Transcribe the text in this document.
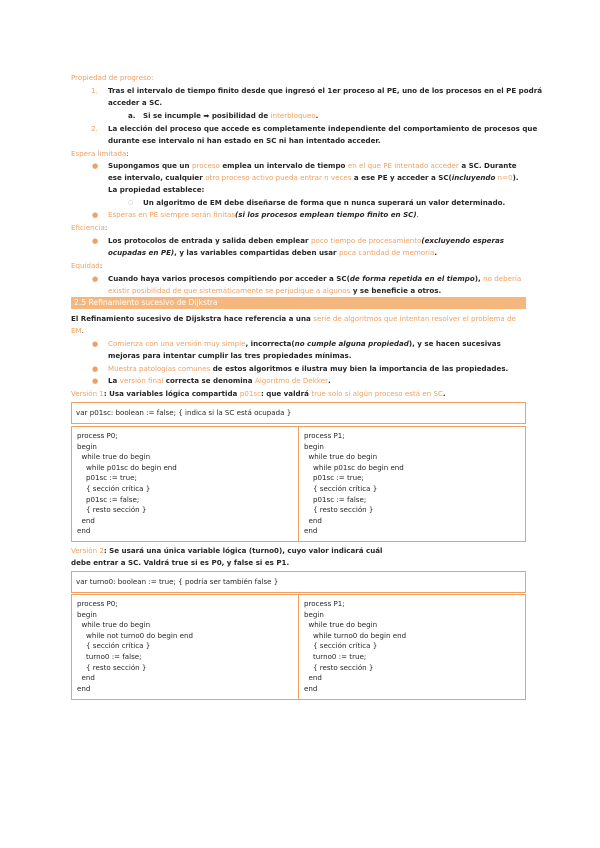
Propiedad de progreso:
1. Tras el intervalo de tiempo finito desde que ingresó el 1er proceso al PE, uno de los procesos en el PE podrá
acceder a SC.
a. Si se incumple ➡ posibilidad de interbloqueo.
2. La elección del proceso que accede es completamente independiente del comportamiento de procesos que
durante ese intervalo ni han estado en SC ni han intentado acceder.
Espera limitada:
● Supongamos que un proceso emplea un intervalo de tiempo en el que PE intentado acceder a SC. Durante
ese intervalo, cualquier otro proceso activo pueda entrar n veces a ese PE y acceder a SC(incluyendo n=0).
La propiedad establece:
○ Un algoritmo de EM debe diseñarse de forma que n nunca superará un valor determinado.
● Esperas en PE siempre serán finitas(si los procesos emplean tiempo finito en SC).
Eficiencia:
● Los protocolos de entrada y salida deben emplear poco tiempo de procesamiento(excluyendo esperas
ocupadas en PE), y las variables compartidas deben usar poca cantidad de memoria.
Equidad:
● Cuando haya varios procesos compitiendo por acceder a SC(de forma repetida en el tiempo), no debería
existir posibilidad de que sistemáticamente se perjudique a algunos y se beneficie a otros.
2.5 Refinamiento sucesivo de Dijkstra
El Refinamiento sucesivo de Dijskstra hace referencia a una serie de algoritmos que intentan resolver el problema de
EM.
● Comienza con una versión muy simple, incorrecta(no cumple alguna propiedad), y se hacen sucesivas
mejoras para intentar cumplir las tres propiedades mínimas.
● Muestra patologías comunes de estos algoritmos e ilustra muy bien la importancia de las propiedades.
● La versión final correcta se denomina Algoritmo de Dekker.
Versión 1: Usa variables lógica compartida p01sc: que valdrá true solo si algún proceso está en SC.
var p01sc: boolean := false; { indica si la SC está ocupada }
process P0;
begin
while true do begin
while p01sc do begin end
p01sc := true;
{ sección crítica }
p01sc := false;
{ resto sección }
end
end
process P1;
begin
while true do begin
while p01sc do begin end
p01sc := true;
{ sección crítica }
p01sc := false;
{ resto sección }
end
end
Versión 2: Se usará una única variable lógica (turno0), cuyo valor indicará cuál
debe entrar a SC. Valdrá true si es P0, y false si es P1.
var turno0: boolean := true; { podría ser también false }
process P0;
begin
while true do begin
while not turno0 do begin end
{ sección crítica }
turno0 := false;
{ resto sección }
end
end
process P1;
begin
while true do begin
while turno0 do begin end
{ sección crítica }
turno0 := true;
{ resto sección }
end
end
